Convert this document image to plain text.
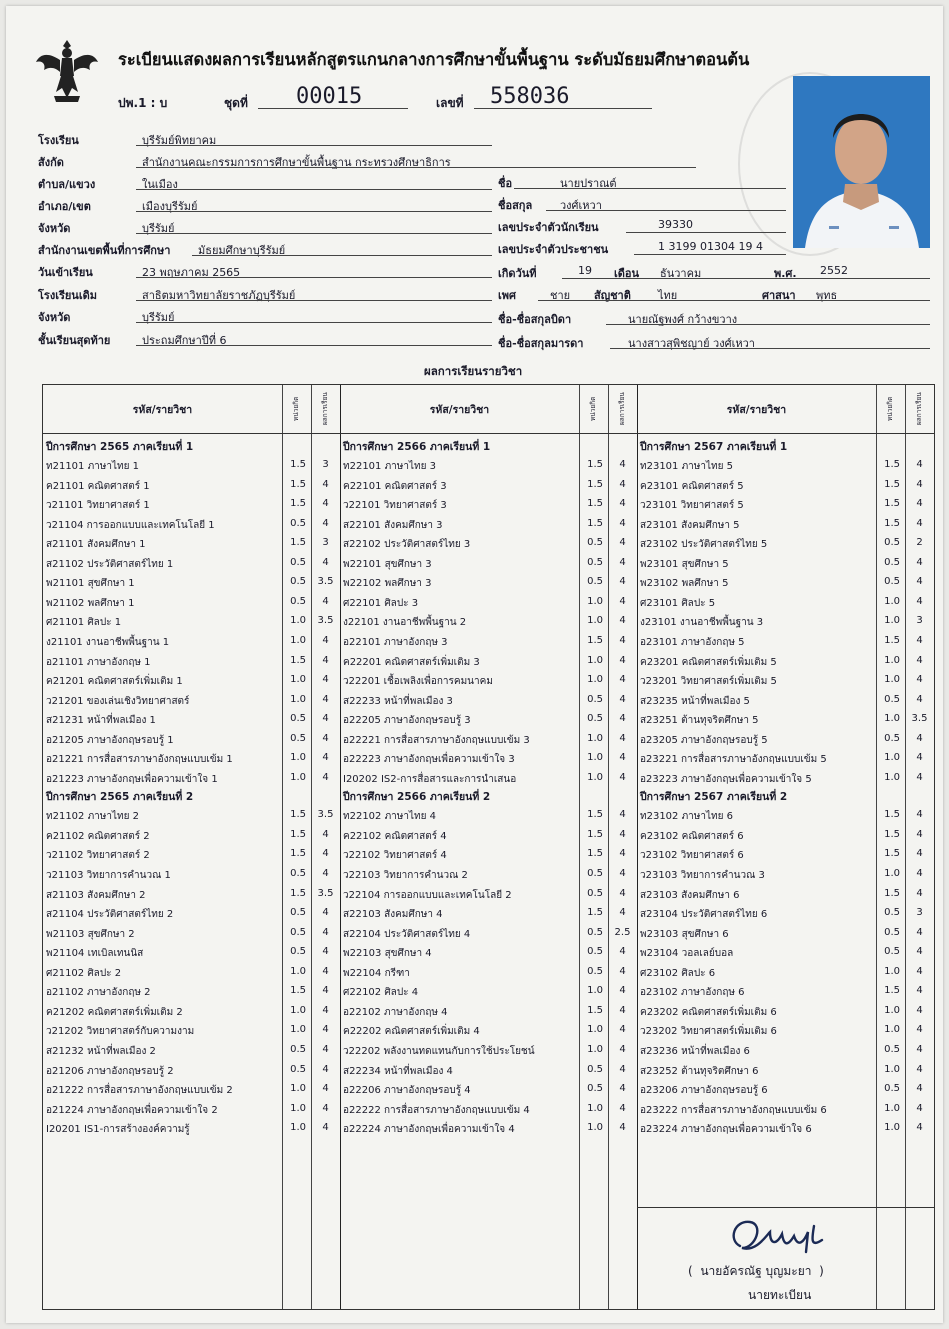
ระเบียนแสดงผลการเรียนหลักสูตรแกนกลางการศึกษาขั้นพื้นฐาน ระดับมัธยมศึกษาตอนต้น
ปพ.1 : บ	ชุดที่ 00015	เลขที่ 558036
โรงเรียน	บุรีรัมย์พิทยาคม
สังกัด	สำนักงานคณะกรรมการการศึกษาขั้นพื้นฐาน กระทรวงศึกษาธิการ
ตำบล/แขวง	ในเมือง
อำเภอ/เขต	เมืองบุรีรัมย์
จังหวัด	บุรีรัมย์
สำนักงานเขตพื้นที่การศึกษา	มัธยมศึกษาบุรีรัมย์
วันเข้าเรียน	23 พฤษภาคม 2565
โรงเรียนเดิม	สาธิตมหาวิทยาลัยราชภัฏบุรีรัมย์
จังหวัด	บุรีรัมย์
ชั้นเรียนสุดท้าย	ประถมศึกษาปีที่ 6
ชื่อ	นายปราณต์
ชื่อสกุล	วงศ์เหวา
เลขประจำตัวนักเรียน	39330
เลขประจำตัวประชาชน	1 3199 01304 19 4
เกิดวันที่	19 เดือน ธันวาคม	พ.ศ. 2552
เพศ	ชาย สัญชาติ ไทย	ศาสนา พุทธ
ชื่อ-ชื่อสกุลบิดา	นายณัฐพงศ์ กว้างขวาง
ชื่อ-ชื่อสกุลมารดา	นางสาวสุพิชญาย์ วงศ์เหวา
ผลการเรียนรายวิชา
รหัส/รายวิชา	หน่วยกิต	ผลการเรียน
ปีการศึกษา 2565 ภาคเรียนที่ 1
ท21101 ภาษาไทย 1	1.5	3
ค21101 คณิตศาสตร์ 1	1.5	4
ว21101 วิทยาศาสตร์ 1	1.5	4
ว21104 การออกแบบและเทคโนโลยี 1	0.5	4
ส21101 สังคมศึกษา 1	1.5	3
ส21102 ประวัติศาสตร์ไทย 1	0.5	4
พ21101 สุขศึกษา 1	0.5	3.5
พ21102 พลศึกษา 1	0.5	4
ศ21101 ศิลปะ 1	1.0	3.5
ง21101 งานอาชีพพื้นฐาน 1	1.0	4
อ21101 ภาษาอังกฤษ 1	1.5	4
ค21201 คณิตศาสตร์เพิ่มเติม 1	1.0	4
ว21201 ของเล่นเชิงวิทยาศาสตร์	1.0	4
ส21231 หน้าที่พลเมือง 1	0.5	4
อ21205 ภาษาอังกฤษรอบรู้ 1	0.5	4
อ21221 การสื่อสารภาษาอังกฤษแบบเข้ม 1	1.0	4
อ21223 ภาษาอังกฤษเพื่อความเข้าใจ 1	1.0	4
ปีการศึกษา 2565 ภาคเรียนที่ 2
ท21102 ภาษาไทย 2	1.5	3.5
ค21102 คณิตศาสตร์ 2	1.5	4
ว21102 วิทยาศาสตร์ 2	1.5	4
ว21103 วิทยาการคำนวณ 1	0.5	4
ส21103 สังคมศึกษา 2	1.5	3.5
ส21104 ประวัติศาสตร์ไทย 2	0.5	4
พ21103 สุขศึกษา 2	0.5	4
พ21104 เทเบิลเทนนิส	0.5	4
ศ21102 ศิลปะ 2	1.0	4
อ21102 ภาษาอังกฤษ 2	1.5	4
ค21202 คณิตศาสตร์เพิ่มเติม 2	1.0	4
ว21202 วิทยาศาสตร์กับความงาม	1.0	4
ส21232 หน้าที่พลเมือง 2	0.5	4
อ21206 ภาษาอังกฤษรอบรู้ 2	0.5	4
อ21222 การสื่อสารภาษาอังกฤษแบบเข้ม 2	1.0	4
อ21224 ภาษาอังกฤษเพื่อความเข้าใจ 2	1.0	4
I20201 IS1-การสร้างองค์ความรู้	1.0	4
รหัส/รายวิชา	หน่วยกิต	ผลการเรียน
ปีการศึกษา 2566 ภาคเรียนที่ 1
ท22101 ภาษาไทย 3	1.5	4
ค22101 คณิตศาสตร์ 3	1.5	4
ว22101 วิทยาศาสตร์ 3	1.5	4
ส22101 สังคมศึกษา 3	1.5	4
ส22102 ประวัติศาสตร์ไทย 3	0.5	4
พ22101 สุขศึกษา 3	0.5	4
พ22102 พลศึกษา 3	0.5	4
ศ22101 ศิลปะ 3	1.0	4
ง22101 งานอาชีพพื้นฐาน 2	1.0	4
อ22101 ภาษาอังกฤษ 3	1.5	4
ค22201 คณิตศาสตร์เพิ่มเติม 3	1.0	4
ว22201 เชื้อเพลิงเพื่อการคมนาคม	1.0	4
ส22233 หน้าที่พลเมือง 3	0.5	4
อ22205 ภาษาอังกฤษรอบรู้ 3	0.5	4
อ22221 การสื่อสารภาษาอังกฤษแบบเข้ม 3	1.0	4
อ22223 ภาษาอังกฤษเพื่อความเข้าใจ 3	1.0	4
I20202 IS2-การสื่อสารและการนำเสนอ	1.0	4
ปีการศึกษา 2566 ภาคเรียนที่ 2
ท22102 ภาษาไทย 4	1.5	4
ค22102 คณิตศาสตร์ 4	1.5	4
ว22102 วิทยาศาสตร์ 4	1.5	4
ว22103 วิทยาการคำนวณ 2	0.5	4
ว22104 การออกแบบและเทคโนโลยี 2	0.5	4
ส22103 สังคมศึกษา 4	1.5	4
ส22104 ประวัติศาสตร์ไทย 4	0.5	2.5
พ22103 สุขศึกษา 4	0.5	4
พ22104 กรีฑา	0.5	4
ศ22102 ศิลปะ 4	1.0	4
อ22102 ภาษาอังกฤษ 4	1.5	4
ค22202 คณิตศาสตร์เพิ่มเติม 4	1.0	4
ว22202 พลังงานทดแทนกับการใช้ประโยชน์	1.0	4
ส22234 หน้าที่พลเมือง 4	0.5	4
อ22206 ภาษาอังกฤษรอบรู้ 4	0.5	4
อ22222 การสื่อสารภาษาอังกฤษแบบเข้ม 4	1.0	4
อ22224 ภาษาอังกฤษเพื่อความเข้าใจ 4	1.0	4
รหัส/รายวิชา	หน่วยกิต	ผลการเรียน
ปีการศึกษา 2567 ภาคเรียนที่ 1
ท23101 ภาษาไทย 5	1.5	4
ค23101 คณิตศาสตร์ 5	1.5	4
ว23101 วิทยาศาสตร์ 5	1.5	4
ส23101 สังคมศึกษา 5	1.5	4
ส23102 ประวัติศาสตร์ไทย 5	0.5	2
พ23101 สุขศึกษา 5	0.5	4
พ23102 พลศึกษา 5	0.5	4
ศ23101 ศิลปะ 5	1.0	4
ง23101 งานอาชีพพื้นฐาน 3	1.0	3
อ23101 ภาษาอังกฤษ 5	1.5	4
ค23201 คณิตศาสตร์เพิ่มเติม 5	1.0	4
ว23201 วิทยาศาสตร์เพิ่มเติม 5	1.0	4
ส23235 หน้าที่พลเมือง 5	0.5	4
ส23251 ต้านทุจริตศึกษา 5	1.0	3.5
อ23205 ภาษาอังกฤษรอบรู้ 5	0.5	4
อ23221 การสื่อสารภาษาอังกฤษแบบเข้ม 5	1.0	4
อ23223 ภาษาอังกฤษเพื่อความเข้าใจ 5	1.0	4
ปีการศึกษา 2567 ภาคเรียนที่ 2
ท23102 ภาษาไทย 6	1.5	4
ค23102 คณิตศาสตร์ 6	1.5	4
ว23102 วิทยาศาสตร์ 6	1.5	4
ว23103 วิทยาการคำนวณ 3	1.0	4
ส23103 สังคมศึกษา 6	1.5	4
ส23104 ประวัติศาสตร์ไทย 6	0.5	3
พ23103 สุขศึกษา 6	0.5	4
พ23104 วอลเลย์บอล	0.5	4
ศ23102 ศิลปะ 6	1.0	4
อ23102 ภาษาอังกฤษ 6	1.5	4
ค23202 คณิตศาสตร์เพิ่มเติม 6	1.0	4
ว23202 วิทยาศาสตร์เพิ่มเติม 6	1.0	4
ส23236 หน้าที่พลเมือง 6	0.5	4
ส23252 ต้านทุจริตศึกษา 6	1.0	4
อ23206 ภาษาอังกฤษรอบรู้ 6	0.5	4
อ23222 การสื่อสารภาษาอังกฤษแบบเข้ม 6	1.0	4
อ23224 ภาษาอังกฤษเพื่อความเข้าใจ 6	1.0	4
(  นายอัครณัฐ บุญมะยา  )
นายทะเบียน
